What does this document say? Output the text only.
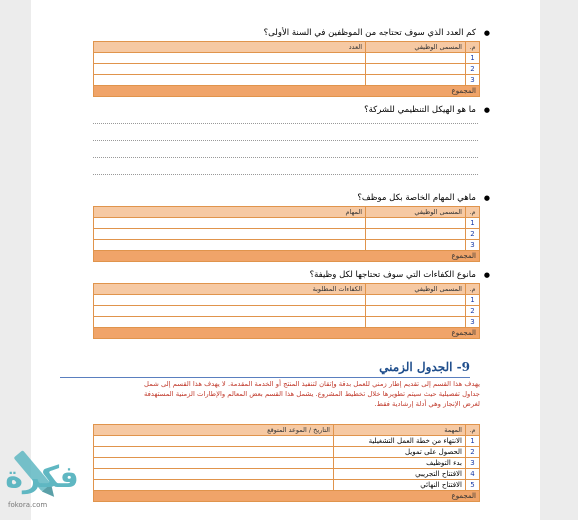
●كم العدد الذي سوف تحتاجه من الموظفين في السنة الأولى؟
م.	المسمى الوظيفي	العدد
1		
2		
3		
المجموع		
●ما هو الهيكل التنظيمي للشركة؟
●ماهي المهام الخاصة بكل موظف؟
م.	المسمى الوظيفي	المهام
1		
2		
3		
المجموع		
●مانوع الكفاءات التي سوف تحتاجها لكل وظيفة؟
م.	المسمى الوظيفي	الكفاءات المطلوبة
1		
2		
3		
المجموع		
9- الجدول الزمني
يهدف هذا القسم إلى تقديم إطار زمني للعمل بدقة وإتقان لتنفيذ المنتج أو الخدمة المقدمة. لا يهدف هذا القسم إلى شمل
جداول تفصيلية حيث سيتم تطويرها خلال تخطيط المشروع. يشمل هذا القسم بعض المعالم والإطارات الزمنية المستهدفة
لغرض الإنجاز وهي أدلة إرشادية فقط.
م.	المهمة	التاريخ / الموعد المتوقع
1	الانتهاء من خطة العمل التشغيلية	
2	الحصول على تمويل	
3	بدء التوظيف	
4	الافتتاح التجريبي	
5	الافتتاح النهائي	
المجموع		
فكرة
fokora.com
